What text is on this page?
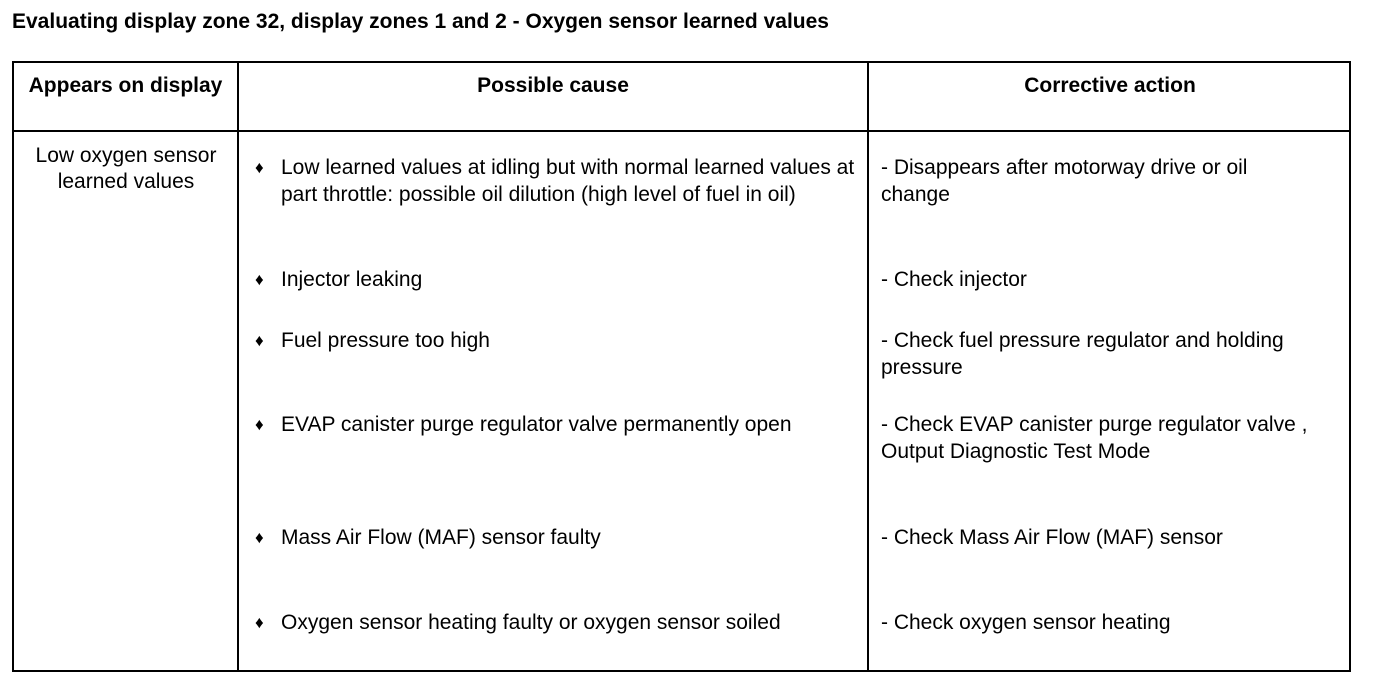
Evaluating display zone 32, display zones 1 and 2 - Oxygen sensor learned values
Appears on display	Possible cause	Corrective action
Low oxygen sensor learned values
♦ Low learned values at idling but with normal learned values at part throttle: possible oil dilution (high level of fuel in oil)
♦ Injector leaking
♦ Fuel pressure too high
♦ EVAP canister purge regulator valve permanently open
♦ Mass Air Flow (MAF) sensor faulty
♦ Oxygen sensor heating faulty or oxygen sensor soiled
- Disappears after motorway drive or oil change
- Check injector
- Check fuel pressure regulator and holding pressure
- Check EVAP canister purge regulator valve , Output Diagnostic Test Mode
- Check Mass Air Flow (MAF) sensor
- Check oxygen sensor heating
